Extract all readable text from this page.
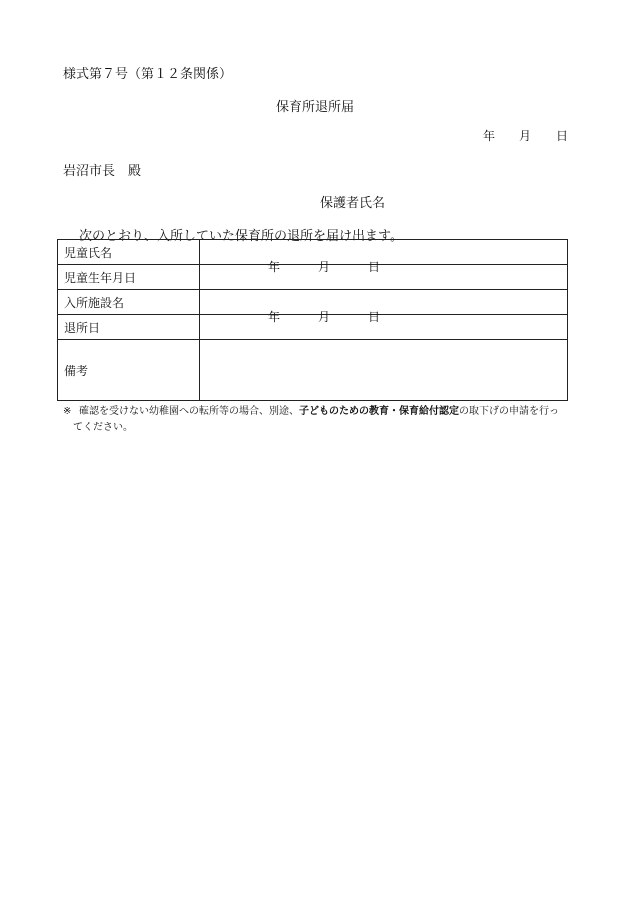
様式第７号（第１２条関係）
保育所退所届
年 月 日
岩沼市長　殿
保護者氏名
次のとおり、入所していた保育所の退所を届け出ます。
児童氏名	
児童生年月日	年 月 日

入所施設名	
退所日	年 月 日

備考	
※ 確認を受けない幼稚園への転所等の場合、別途、子どものための教育・保育給付認定の取下げの申請を行っ
てください。
